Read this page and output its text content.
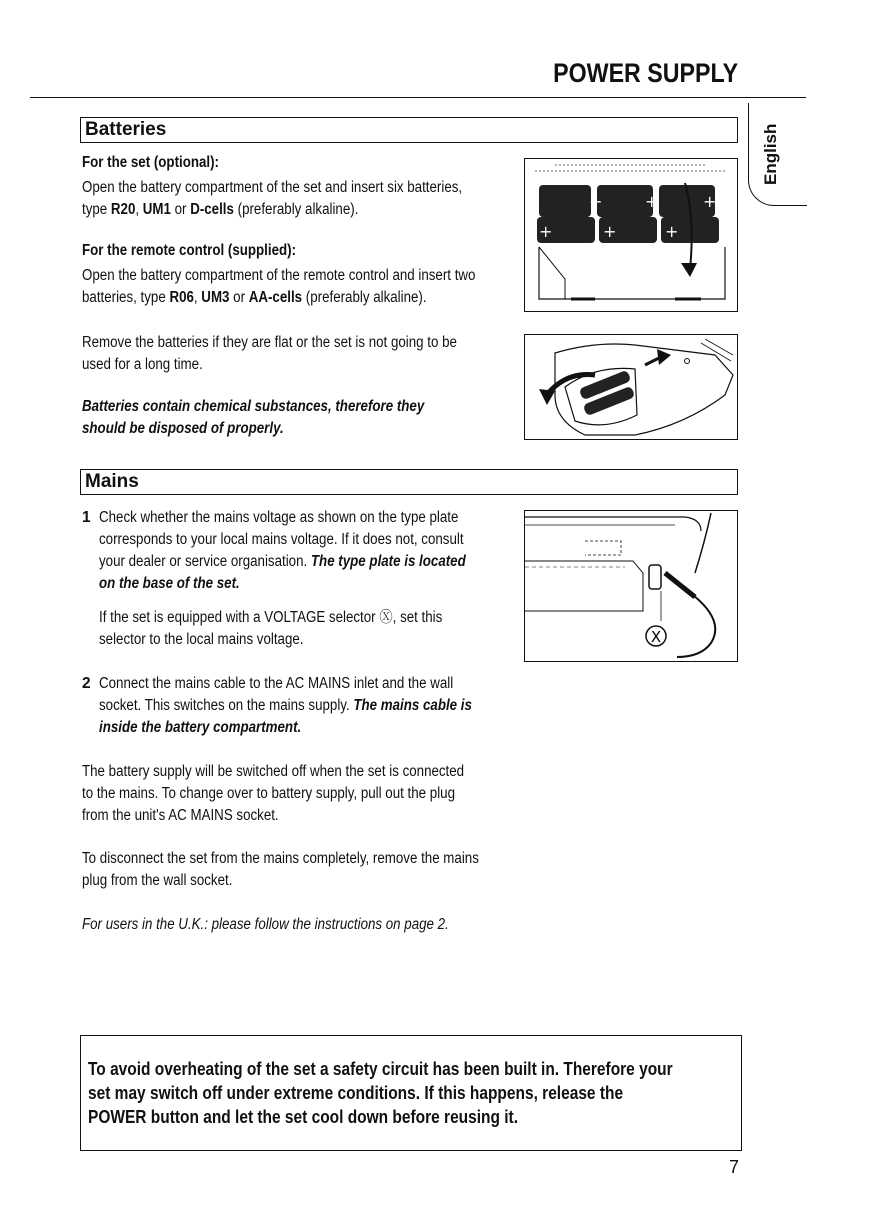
POWER SUPPLY
English
Batteries
For the set (optional):
Open the battery compartment of the set and insert six batteries,
type R20, UM1 or D-cells (preferably alkaline).
For the remote control (supplied):
Open the battery compartment of the remote control and insert two
batteries, type R06, UM3 or AA-cells (preferably alkaline).
Remove the batteries if they are flat or the set is not going to be
used for a long time.
Batteries contain chemical substances, therefore they
should be disposed of properly.
+	+	+
+	+	+
Mains
1 Check whether the mains voltage as shown on the type plate
corresponds to your local mains voltage. If it does not, consult
your dealer or service organisation. The type plate is located
on the base of the set.
If the set is equipped with a VOLTAGE selector Ⓧ, set this
selector to the local mains voltage.
2 Connect the mains cable to the AC MAINS inlet and the wall
socket. This switches on the mains supply. The mains cable is
inside the battery compartment.
The battery supply will be switched off when the set is connected
to the mains. To change over to battery supply, pull out the plug
from the unit's AC MAINS socket.
To disconnect the set from the mains completely, remove the mains
plug from the wall socket.
For users in the U.K.: please follow the instructions on page 2.
X
To avoid overheating of the set a safety circuit has been built in. Therefore your
set may switch off under extreme conditions. If this happens, release the
POWER button and let the set cool down before reusing it.
7
